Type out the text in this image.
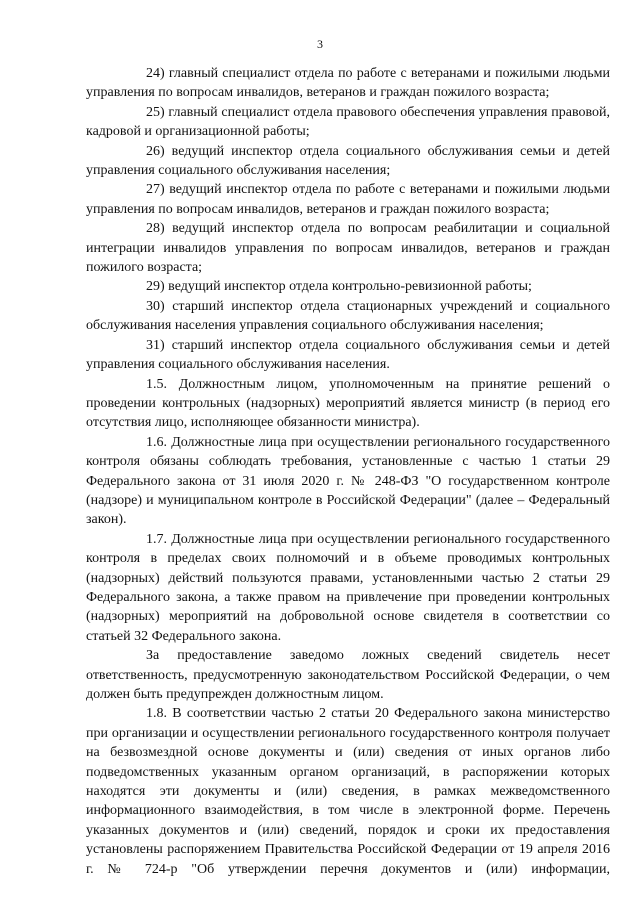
3

24) главный специалист отдела по работе с ветеранами и пожилыми людьми управления по вопросам инвалидов, ветеранов и граждан пожилого возраста;

25) главный специалист отдела правового обеспечения управления правовой, кадровой и организационной работы;

26) ведущий инспектор отдела социального обслуживания семьи и детей управления социального обслуживания населения;

27) ведущий инспектор отдела по работе с ветеранами и пожилыми людьми управления по вопросам инвалидов, ветеранов и граждан пожилого возраста;

28) ведущий инспектор отдела по вопросам реабилитации и социальной интеграции инвалидов управления по вопросам инвалидов, ветеранов и граждан пожилого возраста;

29) ведущий инспектор отдела контрольно-ревизионной работы;

30) старший инспектор отдела стационарных учреждений и социального обслуживания населения управления социального обслуживания населения;

31) старший инспектор отдела социального обслуживания семьи и детей управления социального обслуживания населения.

1.5. Должностным лицом, уполномоченным на принятие решений о проведении контрольных (надзорных) мероприятий является министр (в период его отсутствия лицо, исполняющее обязанности министра).

1.6. Должностные лица при осуществлении регионального государственного контроля обязаны соблюдать требования, установленные с частью 1 статьи 29 Федерального закона от 31 июля 2020 г. № 248-ФЗ "О государственном контроле (надзоре) и муниципальном контроле в Российской Федерации" (далее – Федеральный закон).

1.7. Должностные лица при осуществлении регионального государственного контроля в пределах своих полномочий и в объеме проводимых контрольных (надзорных) действий пользуются правами, установленными частью 2 статьи 29 Федерального закона, а также правом на привлечение при проведении контрольных (надзорных) мероприятий на добровольной основе свидетеля в соответствии со статьей 32 Федерального закона.

За предоставление заведомо ложных сведений свидетель несет ответственность, предусмотренную законодательством Российской Федерации, о чем должен быть предупрежден должностным лицом.

1.8. В соответствии частью 2 статьи 20 Федерального закона министерство при организации и осуществлении регионального государственного контроля получает на безвозмездной основе документы и (или) сведения от иных органов либо подведомственных указанным органом организаций, в распоряжении которых находятся эти документы и (или) сведения, в рамках межведомственного информационного взаимодействия, в том числе в электронной форме. Перечень указанных документов и (или) сведений, порядок и сроки их предоставления установлены распоряжением Правительства Российской Федерации от 19 апреля 2016 г. № 724-р "Об утверждении перечня документов и (или) информации,
